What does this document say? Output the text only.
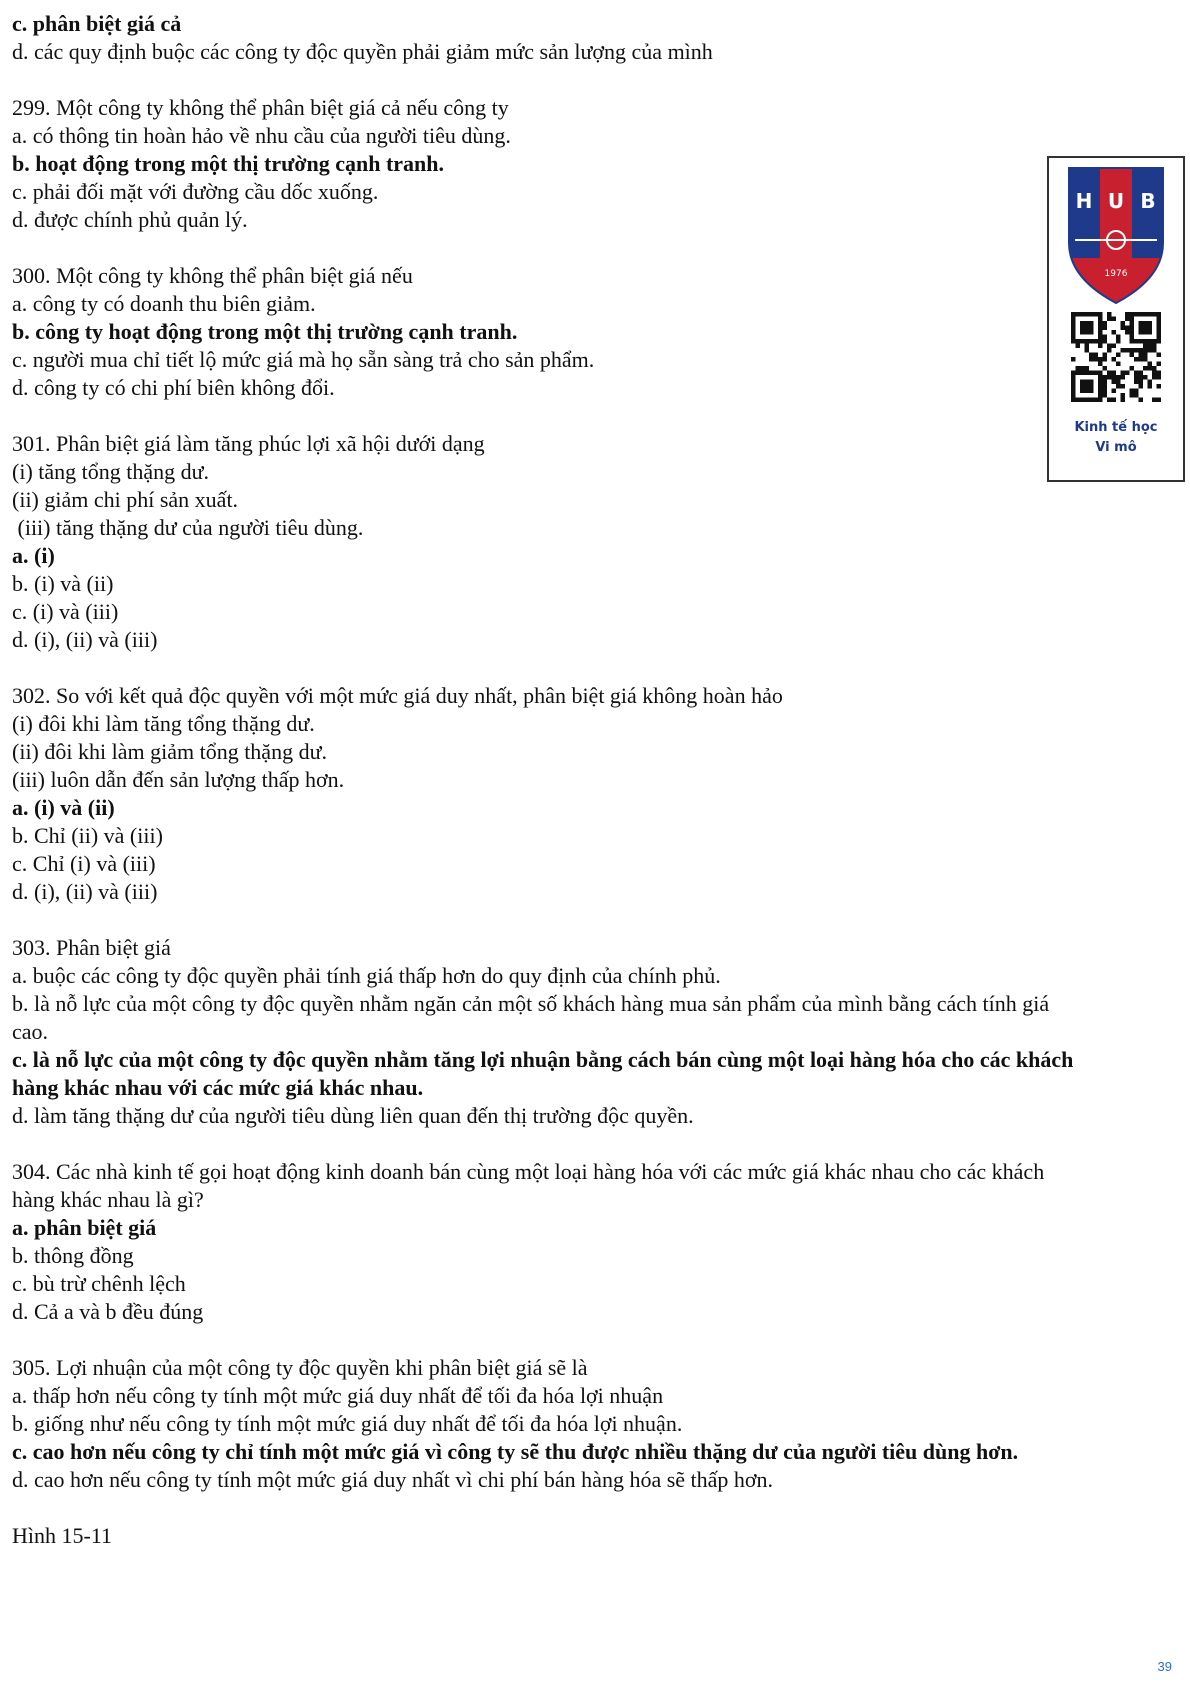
c. phân biệt giá cả
d. các quy định buộc các công ty độc quyền phải giảm mức sản lượng của mình
299. Một công ty không thể phân biệt giá cả nếu công ty
a. có thông tin hoàn hảo về nhu cầu của người tiêu dùng.
b. hoạt động trong một thị trường cạnh tranh.
c. phải đối mặt với đường cầu dốc xuống.
d. được chính phủ quản lý.
300. Một công ty không thể phân biệt giá nếu
a. công ty có doanh thu biên giảm.
b. công ty hoạt động trong một thị trường cạnh tranh.
c. người mua chỉ tiết lộ mức giá mà họ sẵn sàng trả cho sản phẩm.
d. công ty có chi phí biên không đổi.
301. Phân biệt giá làm tăng phúc lợi xã hội dưới dạng
(i) tăng tổng thặng dư.
(ii) giảm chi phí sản xuất.
(iii) tăng thặng dư của người tiêu dùng.
a. (i)
b. (i) và (ii)
c. (i) và (iii)
d. (i), (ii) và (iii)
302. So với kết quả độc quyền với một mức giá duy nhất, phân biệt giá không hoàn hảo
(i) đôi khi làm tăng tổng thặng dư.
(ii) đôi khi làm giảm tổng thặng dư.
(iii) luôn dẫn đến sản lượng thấp hơn.
a. (i) và (ii)
b. Chỉ (ii) và (iii)
c. Chỉ (i) và (iii)
d. (i), (ii) và (iii)
303. Phân biệt giá
a. buộc các công ty độc quyền phải tính giá thấp hơn do quy định của chính phủ.
b. là nỗ lực của một công ty độc quyền nhằm ngăn cản một số khách hàng mua sản phẩm của mình bằng cách tính giá
cao.
c. là nỗ lực của một công ty độc quyền nhằm tăng lợi nhuận bằng cách bán cùng một loại hàng hóa cho các khách
hàng khác nhau với các mức giá khác nhau.
d. làm tăng thặng dư của người tiêu dùng liên quan đến thị trường độc quyền.
304. Các nhà kinh tế gọi hoạt động kinh doanh bán cùng một loại hàng hóa với các mức giá khác nhau cho các khách
hàng khác nhau là gì?
a. phân biệt giá
b. thông đồng
c. bù trừ chênh lệch
d. Cả a và b đều đúng
305. Lợi nhuận của một công ty độc quyền khi phân biệt giá sẽ là
a. thấp hơn nếu công ty tính một mức giá duy nhất để tối đa hóa lợi nhuận
b. giống như nếu công ty tính một mức giá duy nhất để tối đa hóa lợi nhuận.
c. cao hơn nếu công ty chỉ tính một mức giá vì công ty sẽ thu được nhiều thặng dư của người tiêu dùng hơn.
d. cao hơn nếu công ty tính một mức giá duy nhất vì chi phí bán hàng hóa sẽ thấp hơn.
Hình 15-11
H U B
1976
Kinh tế học
Vi mô
39
